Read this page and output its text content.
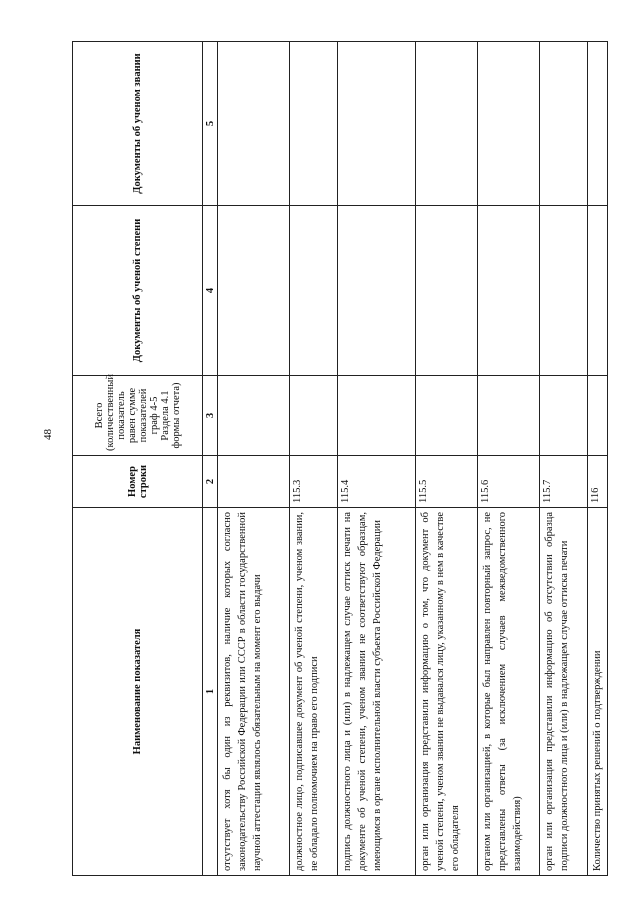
48
Наименование показателя	Номер строки	Всего (количественный показатель равен сумме показателей граф 4-5 Раздела 4.1 формы отчета)	Документы об ученой степени	Документы об ученом звании
1	2	3	4	5
отсутствует хотя бы один из реквизитов, наличие которых согласно законодательству Российской Федерации или СССР в области государственной научной аттестации являлось обязательным на момент его выдачи				
должностное лицо, подписавшее документ об ученой степени, ученом звании, не обладало полномочием на право его подписи	115.3			
подпись должностного лица и (или) в надлежащем случае оттиск печати на документе об ученой степени, ученом звании не соответствуют образцам, имеющимся в органе исполнительной власти субъекта Российской Федерации	115.4			
орган или организация представили информацию о том, что документ об ученой степени, ученом звании не выдавался лицу, указанному в нем в качестве его обладателя	115.5			
органом или организацией, в которые был направлен повторный запрос, не представлены ответы (за исключением случаев межведомственного взаимодействия)	115.6			
орган или организация представили информацию об отсутствии образца подписи должностного лица и (или) в надлежащем случае оттиска печати	115.7			
Количество принятых решений о подтверждении	116			
